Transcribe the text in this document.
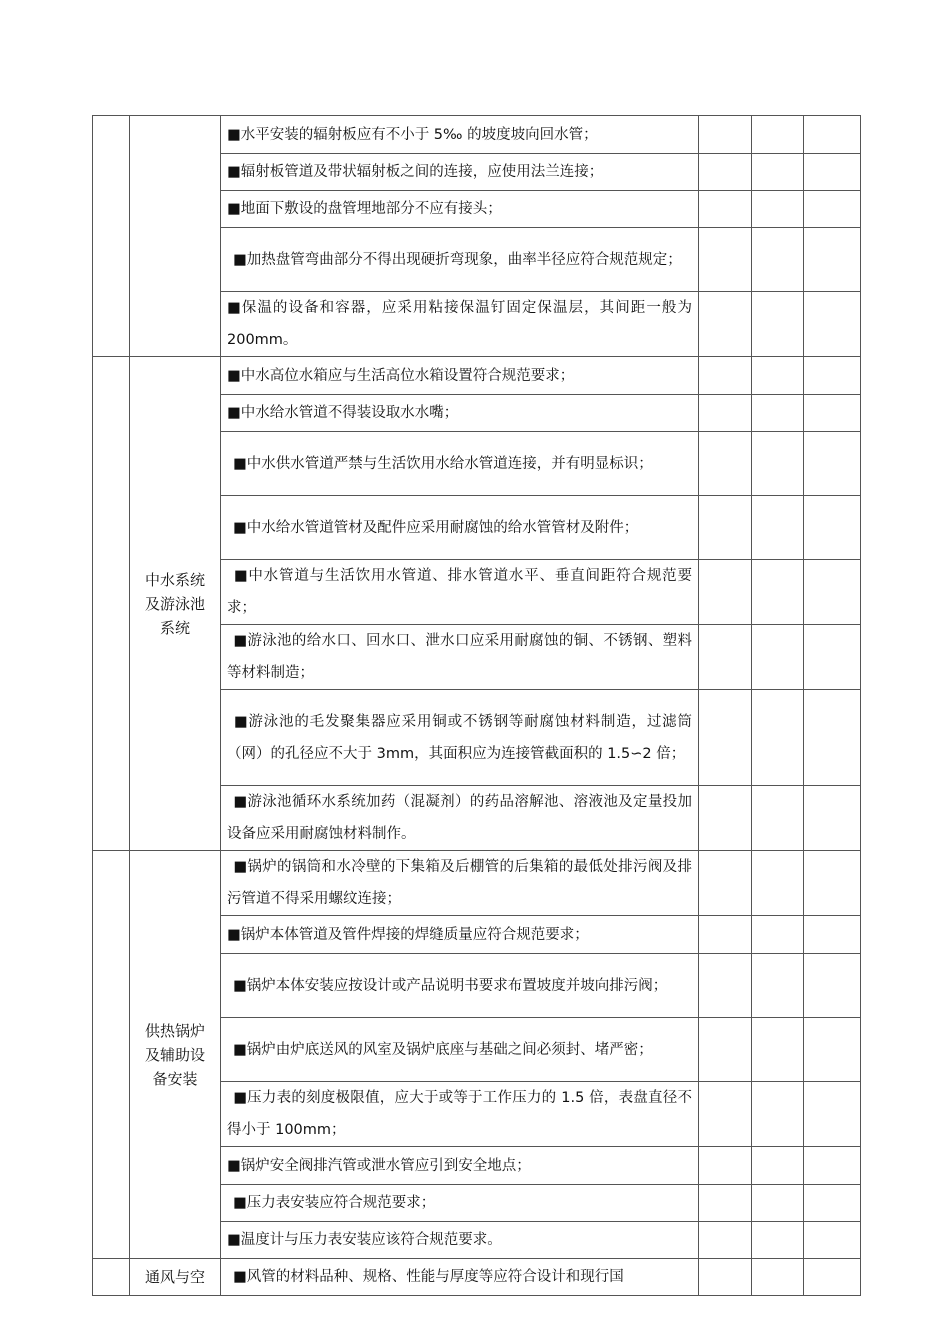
		■水平安装的辐射板应有不小于 5‰ 的坡度坡向回水管；			
		■辐射板管道及带状辐射板之间的连接，应使用法兰连接；			
		■地面下敷设的盘管埋地部分不应有接头；			
		■加热盘管弯曲部分不得出现硬折弯现象，曲率半径应符合规范规定；			
		■保温的设备和容器，应采用粘接保温钉固定保温层，其间距一般为 200mm。			
	中水系统及游泳池系统	■中水高位水箱应与生活高位水箱设置符合规范要求；			
		■中水给水管道不得装设取水水嘴；			
		■中水供水管道严禁与生活饮用水给水管道连接，并有明显标识；			
		■中水给水管道管材及配件应采用耐腐蚀的给水管管材及附件；			
		■中水管道与生活饮用水管道、排水管道水平、垂直间距符合规范要求；			
		■游泳池的给水口、回水口、泄水口应采用耐腐蚀的铜、不锈钢、塑料等材料制造；			
		■游泳池的毛发聚集器应采用铜或不锈钢等耐腐蚀材料制造，过滤筒（网）的孔径应不大于 3mm，其面积应为连接管截面积的 1.5∽2 倍；			
		■游泳池循环水系统加药（混凝剂）的药品溶解池、溶液池及定量投加设备应采用耐腐蚀材料制作。			
	供热锅炉及辅助设备安装	■锅炉的锅筒和水冷壁的下集箱及后棚管的后集箱的最低处排污阀及排污管道不得采用螺纹连接；			
		■锅炉本体管道及管件焊接的焊缝质量应符合规范要求；			
		■锅炉本体安装应按设计或产品说明书要求布置坡度并坡向排污阀；			
		■锅炉由炉底送风的风室及锅炉底座与基础之间必须封、堵严密；			
		■压力表的刻度极限值，应大于或等于工作压力的 1.5 倍，表盘直径不得小于 100mm；			
		■锅炉安全阀排汽管或泄水管应引到安全地点；			
		■压力表安装应符合规范要求；			
		■温度计与压力表安装应该符合规范要求。			
	通风与空	■风管的材料品种、规格、性能与厚度等应符合设计和现行国			
